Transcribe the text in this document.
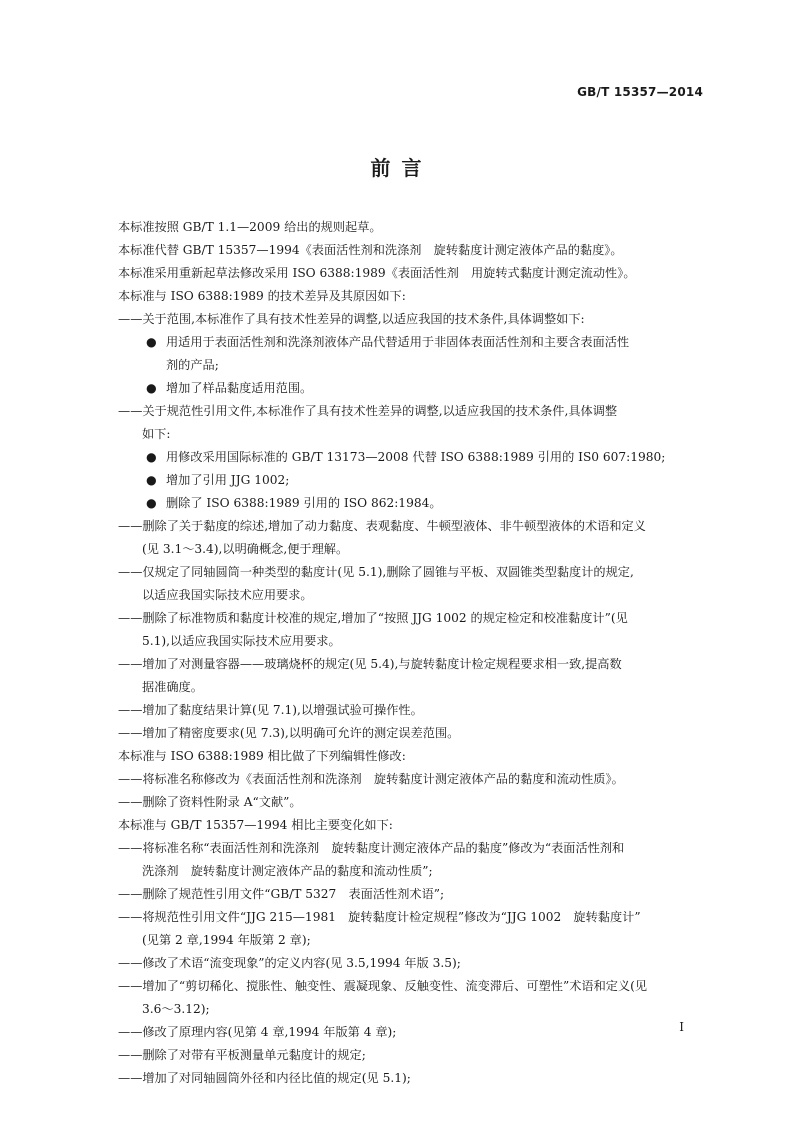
GB/T 15357—2014
前 言
本标准按照 GB/T 1.1—2009 给出的规则起草。
本标准代替 GB/T 15357—1994《表面活性剂和洗涤剂　旋转黏度计测定液体产品的黏度》。
本标准采用重新起草法修改采用 ISO 6388:1989《表面活性剂　用旋转式黏度计测定流动性》。
本标准与 ISO 6388:1989 的技术差异及其原因如下:
——关于范围,本标准作了具有技术性差异的调整,以适应我国的技术条件,具体调整如下:
● 用适用于表面活性剂和洗涤剂液体产品代替适用于非固体表面活性剂和主要含表面活性
剂的产品;
● 增加了样品黏度适用范围。
——关于规范性引用文件,本标准作了具有技术性差异的调整,以适应我国的技术条件,具体调整
如下:
● 用修改采用国际标准的 GB/T 13173—2008 代替 ISO 6388:1989 引用的 IS0 607:1980;
● 增加了引用 JJG 1002;
● 删除了 ISO 6388:1989 引用的 ISO 862:1984。
——删除了关于黏度的综述,增加了动力黏度、表观黏度、牛顿型液体、非牛顿型液体的术语和定义
(见 3.1～3.4),以明确概念,便于理解。
——仅规定了同轴圆筒一种类型的黏度计(见 5.1),删除了圆锥与平板、双圆锥类型黏度计的规定,
以适应我国实际技术应用要求。
——删除了标准物质和黏度计校准的规定,增加了“按照 JJG 1002 的规定检定和校准黏度计”(见
5.1),以适应我国实际技术应用要求。
——增加了对测量容器——玻璃烧杯的规定(见 5.4),与旋转黏度计检定规程要求相一致,提高数
据准确度。
——增加了黏度结果计算(见 7.1),以增强试验可操作性。
——增加了精密度要求(见 7.3),以明确可允许的测定误差范围。
本标准与 ISO 6388:1989 相比做了下列编辑性修改:
——将标准名称修改为《表面活性剂和洗涤剂　旋转黏度计测定液体产品的黏度和流动性质》。
——删除了资料性附录 A“文献”。
本标准与 GB/T 15357—1994 相比主要变化如下:
——将标准名称“表面活性剂和洗涤剂　旋转黏度计测定液体产品的黏度”修改为“表面活性剂和
洗涤剂　旋转黏度计测定液体产品的黏度和流动性质”;
——删除了规范性引用文件“GB/T 5327　表面活性剂术语”;
——将规范性引用文件“JJG 215—1981　旋转黏度计检定规程”修改为“JJG 1002　旋转黏度计”
(见第 2 章,1994 年版第 2 章);
——修改了术语“流变现象”的定义内容(见 3.5,1994 年版 3.5);
——增加了“剪切稀化、搅胀性、触变性、震凝现象、反触变性、流变滞后、可塑性”术语和定义(见
3.6～3.12);
——修改了原理内容(见第 4 章,1994 年版第 4 章);
——删除了对带有平板测量单元黏度计的规定;
——增加了对同轴圆筒外径和内径比值的规定(见 5.1);
I
